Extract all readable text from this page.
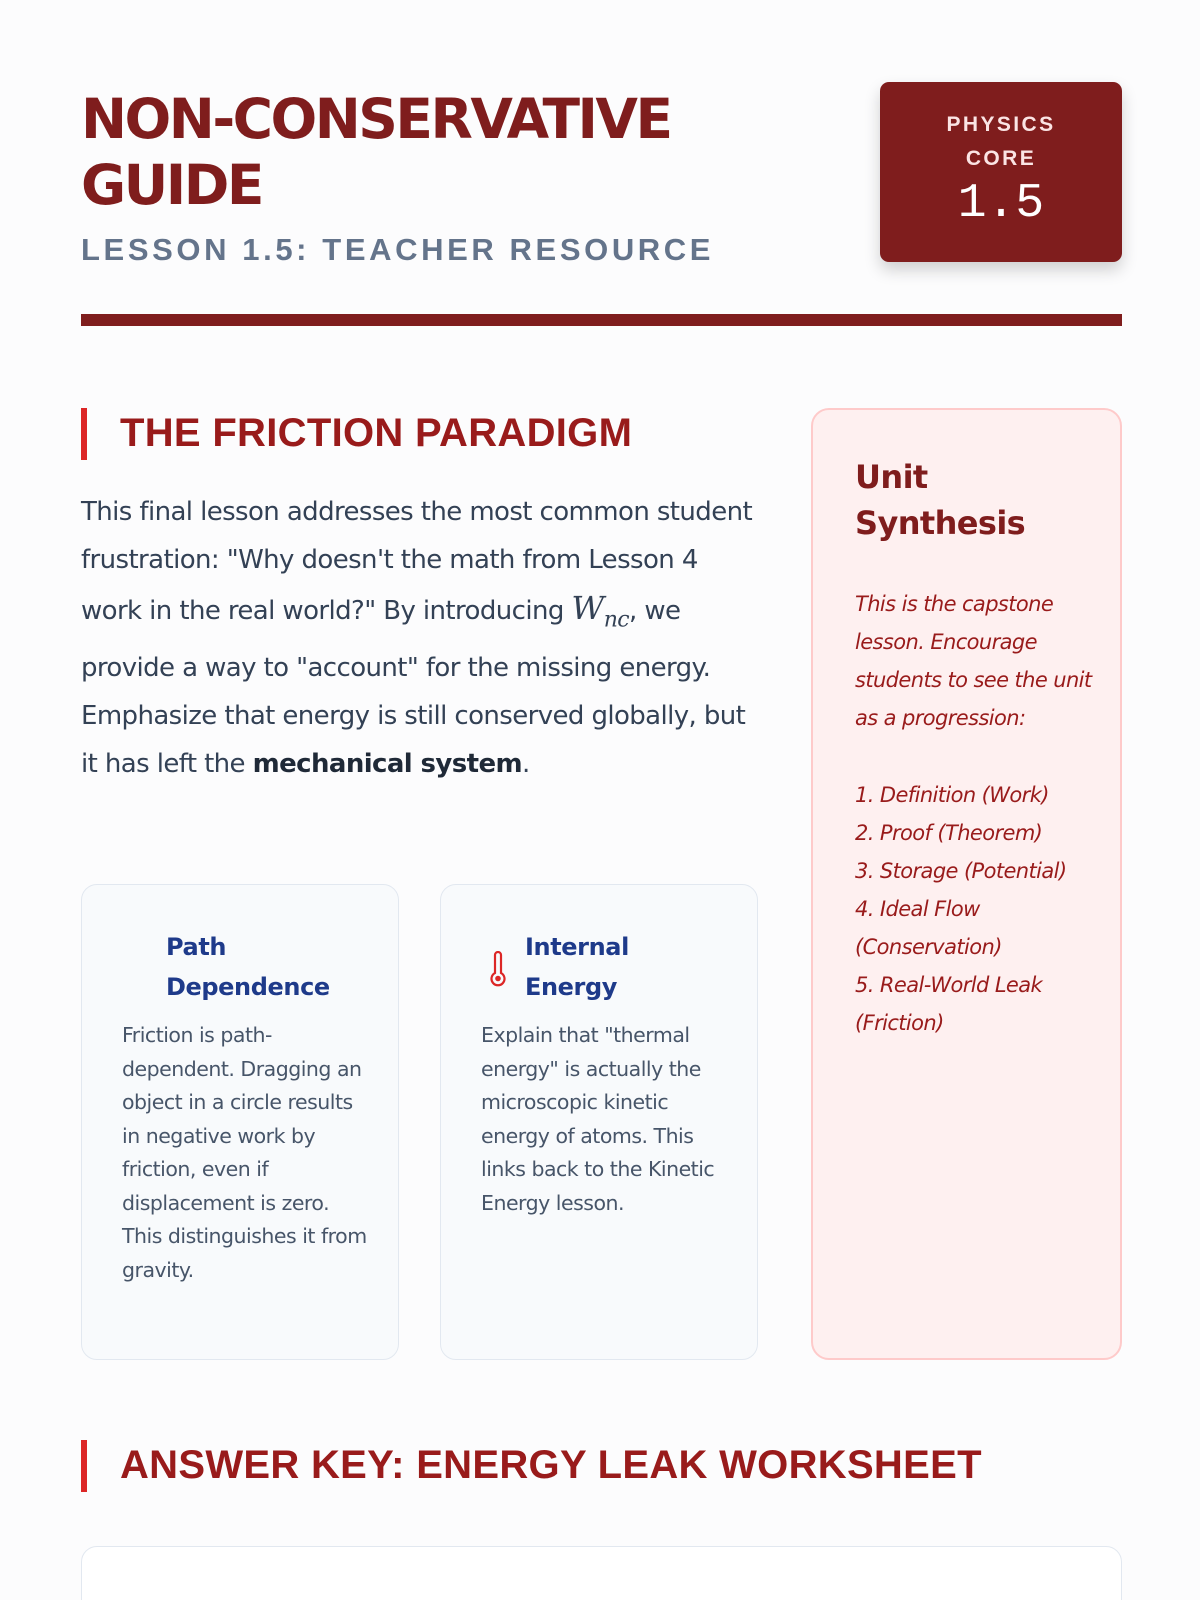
NON-CONSERVATIVE GUIDE
LESSON 1.5: TEACHER RESOURCE
PHYSICS CORE
1.5
THE FRICTION PARADIGM

This final lesson addresses the most common student frustration: "Why doesn't the math from Lesson 4 work in the real world?" By introducing $W_{nc}$, we provide a way to "account" for the missing energy. Emphasize that energy is still conserved globally, but it has left the mechanical system.

Path Dependence

Friction is path-dependent. Dragging an object in a circle results in negative work by friction, even if displacement is zero. This distinguishes it from gravity.

Internal Energy

Explain that "thermal energy" is actually the microscopic kinetic energy of atoms. This links back to the Kinetic Energy lesson.

Unit Synthesis

This is the capstone lesson. Encourage students to see the unit as a progression:

1. Definition (Work)
2. Proof (Theorem)
3. Storage (Potential)
4. Ideal Flow (Conservation)
5. Real-World Leak (Friction)
ANSWER KEY: ENERGY LEAK WORKSHEET
